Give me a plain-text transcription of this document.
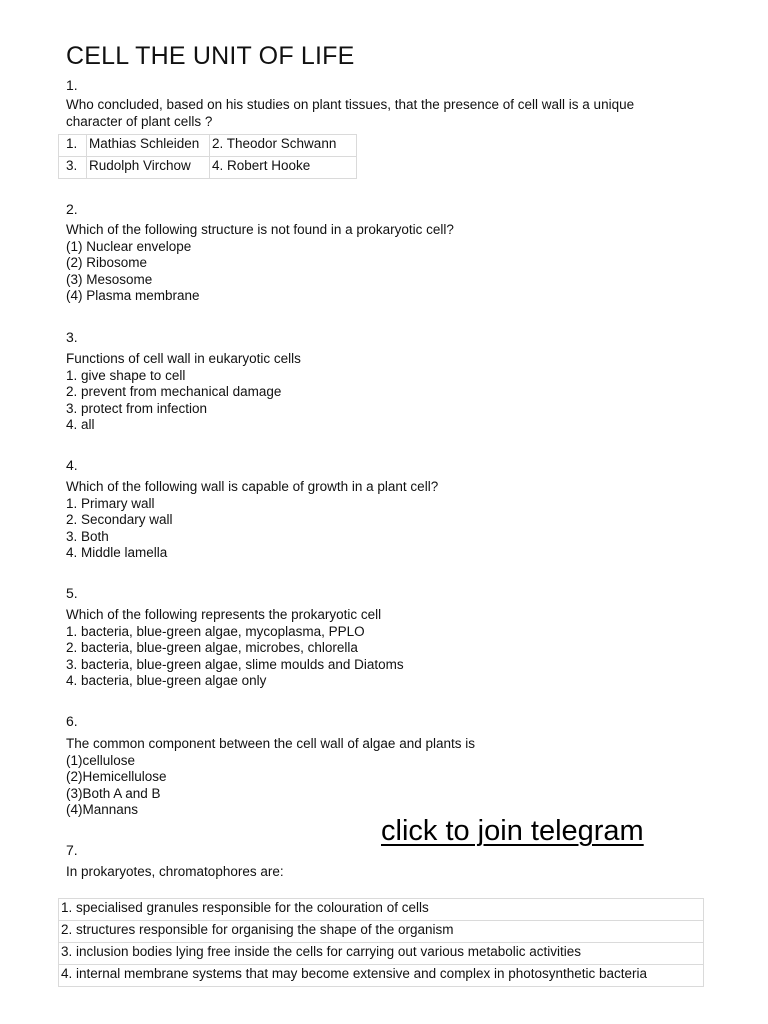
CELL THE UNIT OF LIFE
1.
Who concluded, based on his studies on plant tissues, that the presence of cell wall is a unique character of plant cells ?
1.	Mathias Schleiden	2. Theodor Schwann
3.	Rudolph Virchow	4. Robert Hooke
2.
Which of the following structure is not found in a prokaryotic cell?
(1) Nuclear envelope
(2) Ribosome
(3) Mesosome
(4) Plasma membrane
3.
Functions of cell wall in eukaryotic cells
1. give shape to cell
2. prevent from mechanical damage
3. protect from infection
4. all
4.
Which of the following wall is capable of growth in a plant cell?
1. Primary wall
2. Secondary wall
3. Both
4. Middle lamella
5.
Which of the following represents the prokaryotic cell
1. bacteria, blue-green algae, mycoplasma, PPLO
2. bacteria, blue-green algae, microbes, chlorella
3. bacteria, blue-green algae, slime moulds and Diatoms
4. bacteria, blue-green algae only
6.
The common component between the cell wall of algae and plants is
(1)cellulose
(2)Hemicellulose
(3)Both A and B
(4)Mannans
click to join telegram
7.
In prokaryotes, chromatophores are:
1. specialised granules responsible for the colouration of cells
2. structures responsible for organising the shape of the organism
3. inclusion bodies lying free inside the cells for carrying out various metabolic activities
4. internal membrane systems that may become extensive and complex in photosynthetic bacteria
